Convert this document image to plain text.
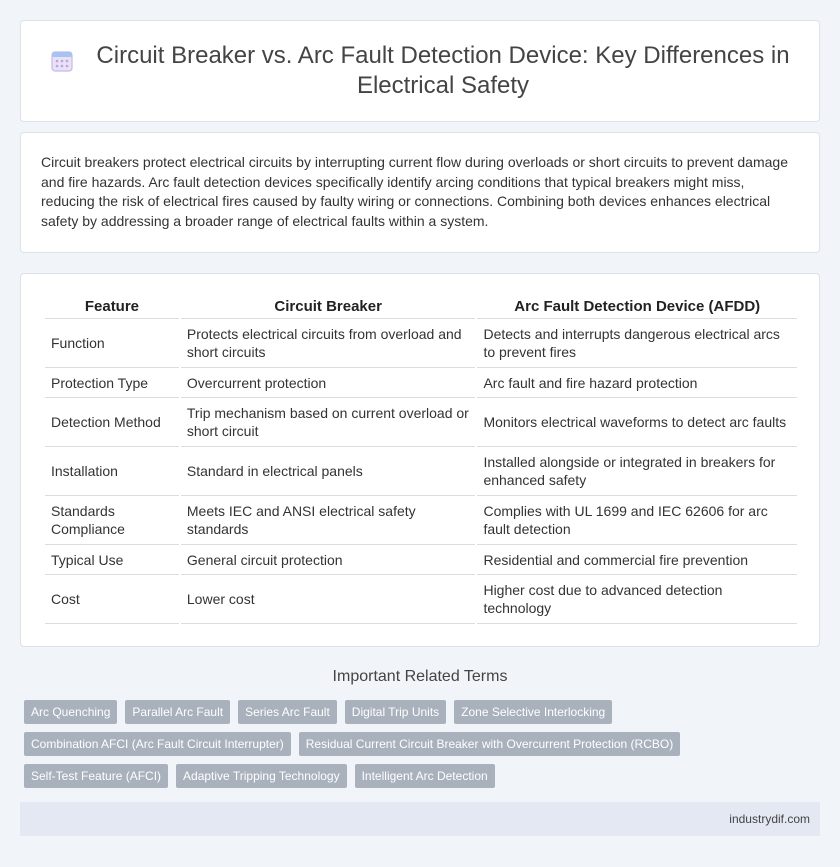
Circuit Breaker vs. Arc Fault Detection Device: Key Differences in Electrical Safety

Circuit breakers protect electrical circuits by interrupting current flow during overloads or short circuits to prevent damage and fire hazards. Arc fault detection devices specifically identify arcing conditions that typical breakers might miss, reducing the risk of electrical fires caused by faulty wiring or connections. Combining both devices enhances electrical safety by addressing a broader range of electrical faults within a system.

Feature	Circuit Breaker	Arc Fault Detection Device (AFDD)
Function	Protects electrical circuits from overload and short circuits	Detects and interrupts dangerous electrical arcs to prevent fires
Protection Type	Overcurrent protection	Arc fault and fire hazard protection
Detection Method	Trip mechanism based on current overload or short circuit	Monitors electrical waveforms to detect arc faults
Installation	Standard in electrical panels	Installed alongside or integrated in breakers for enhanced safety
Standards Compliance	Meets IEC and ANSI electrical safety standards	Complies with UL 1699 and IEC 62606 for arc fault detection
Typical Use	General circuit protection	Residential and commercial fire prevention
Cost	Lower cost	Higher cost due to advanced detection technology
Important Related Terms
Arc Quenching	Parallel Arc Fault	Series Arc Fault	Digital Trip Units	Zone Selective Interlocking
Combination AFCI (Arc Fault Circuit Interrupter)	Residual Current Circuit Breaker with Overcurrent Protection (RCBO)
Self-Test Feature (AFCI)	Adaptive Tripping Technology	Intelligent Arc Detection
industrydif.com
